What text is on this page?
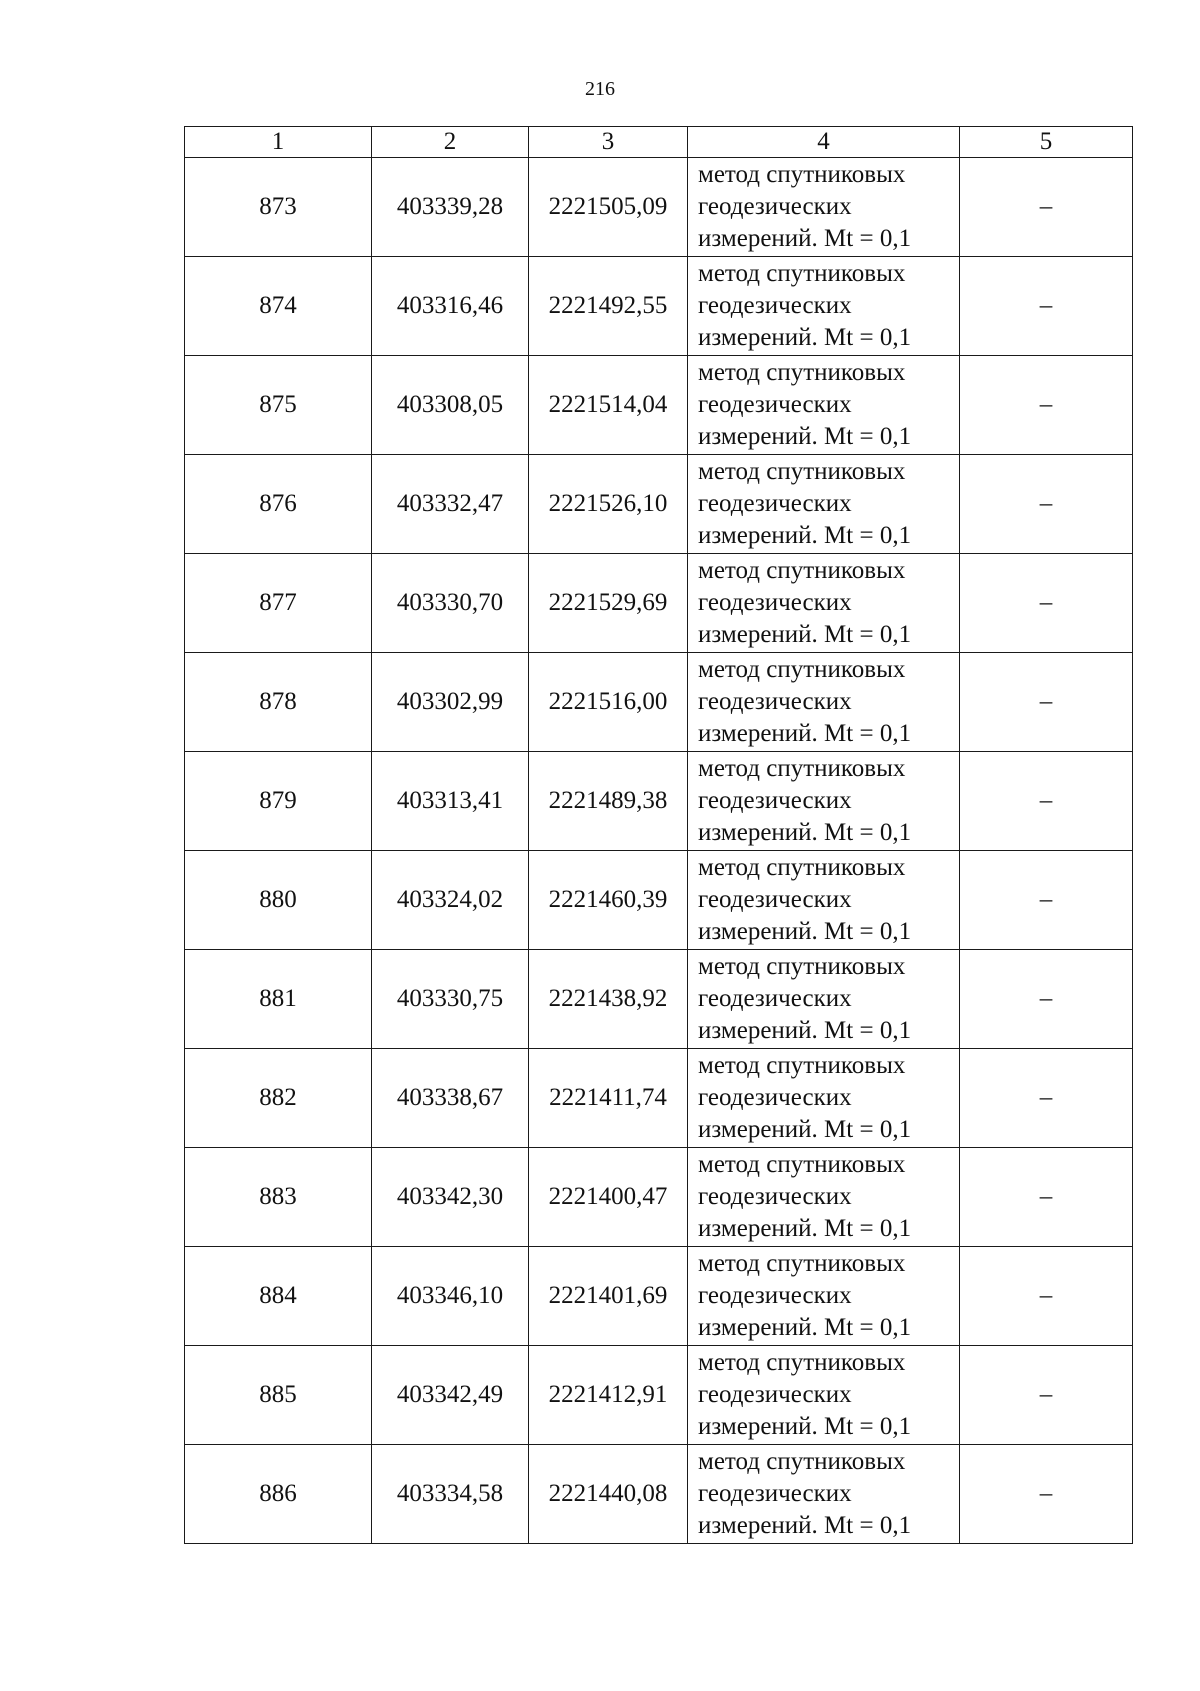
216
1	2	3	4	5
873	403339,28	2221505,09	метод спутниковых
геодезических
измерений. Mt = 0,1	–
874	403316,46	2221492,55	метод спутниковых
геодезических
измерений. Mt = 0,1	–
875	403308,05	2221514,04	метод спутниковых
геодезических
измерений. Mt = 0,1	–
876	403332,47	2221526,10	метод спутниковых
геодезических
измерений. Mt = 0,1	–
877	403330,70	2221529,69	метод спутниковых
геодезических
измерений. Mt = 0,1	–
878	403302,99	2221516,00	метод спутниковых
геодезических
измерений. Mt = 0,1	–
879	403313,41	2221489,38	метод спутниковых
геодезических
измерений. Mt = 0,1	–
880	403324,02	2221460,39	метод спутниковых
геодезических
измерений. Mt = 0,1	–
881	403330,75	2221438,92	метод спутниковых
геодезических
измерений. Mt = 0,1	–
882	403338,67	2221411,74	метод спутниковых
геодезических
измерений. Mt = 0,1	–
883	403342,30	2221400,47	метод спутниковых
геодезических
измерений. Mt = 0,1	–
884	403346,10	2221401,69	метод спутниковых
геодезических
измерений. Mt = 0,1	–
885	403342,49	2221412,91	метод спутниковых
геодезических
измерений. Mt = 0,1	–
886	403334,58	2221440,08	метод спутниковых
геодезических
измерений. Mt = 0,1	–
